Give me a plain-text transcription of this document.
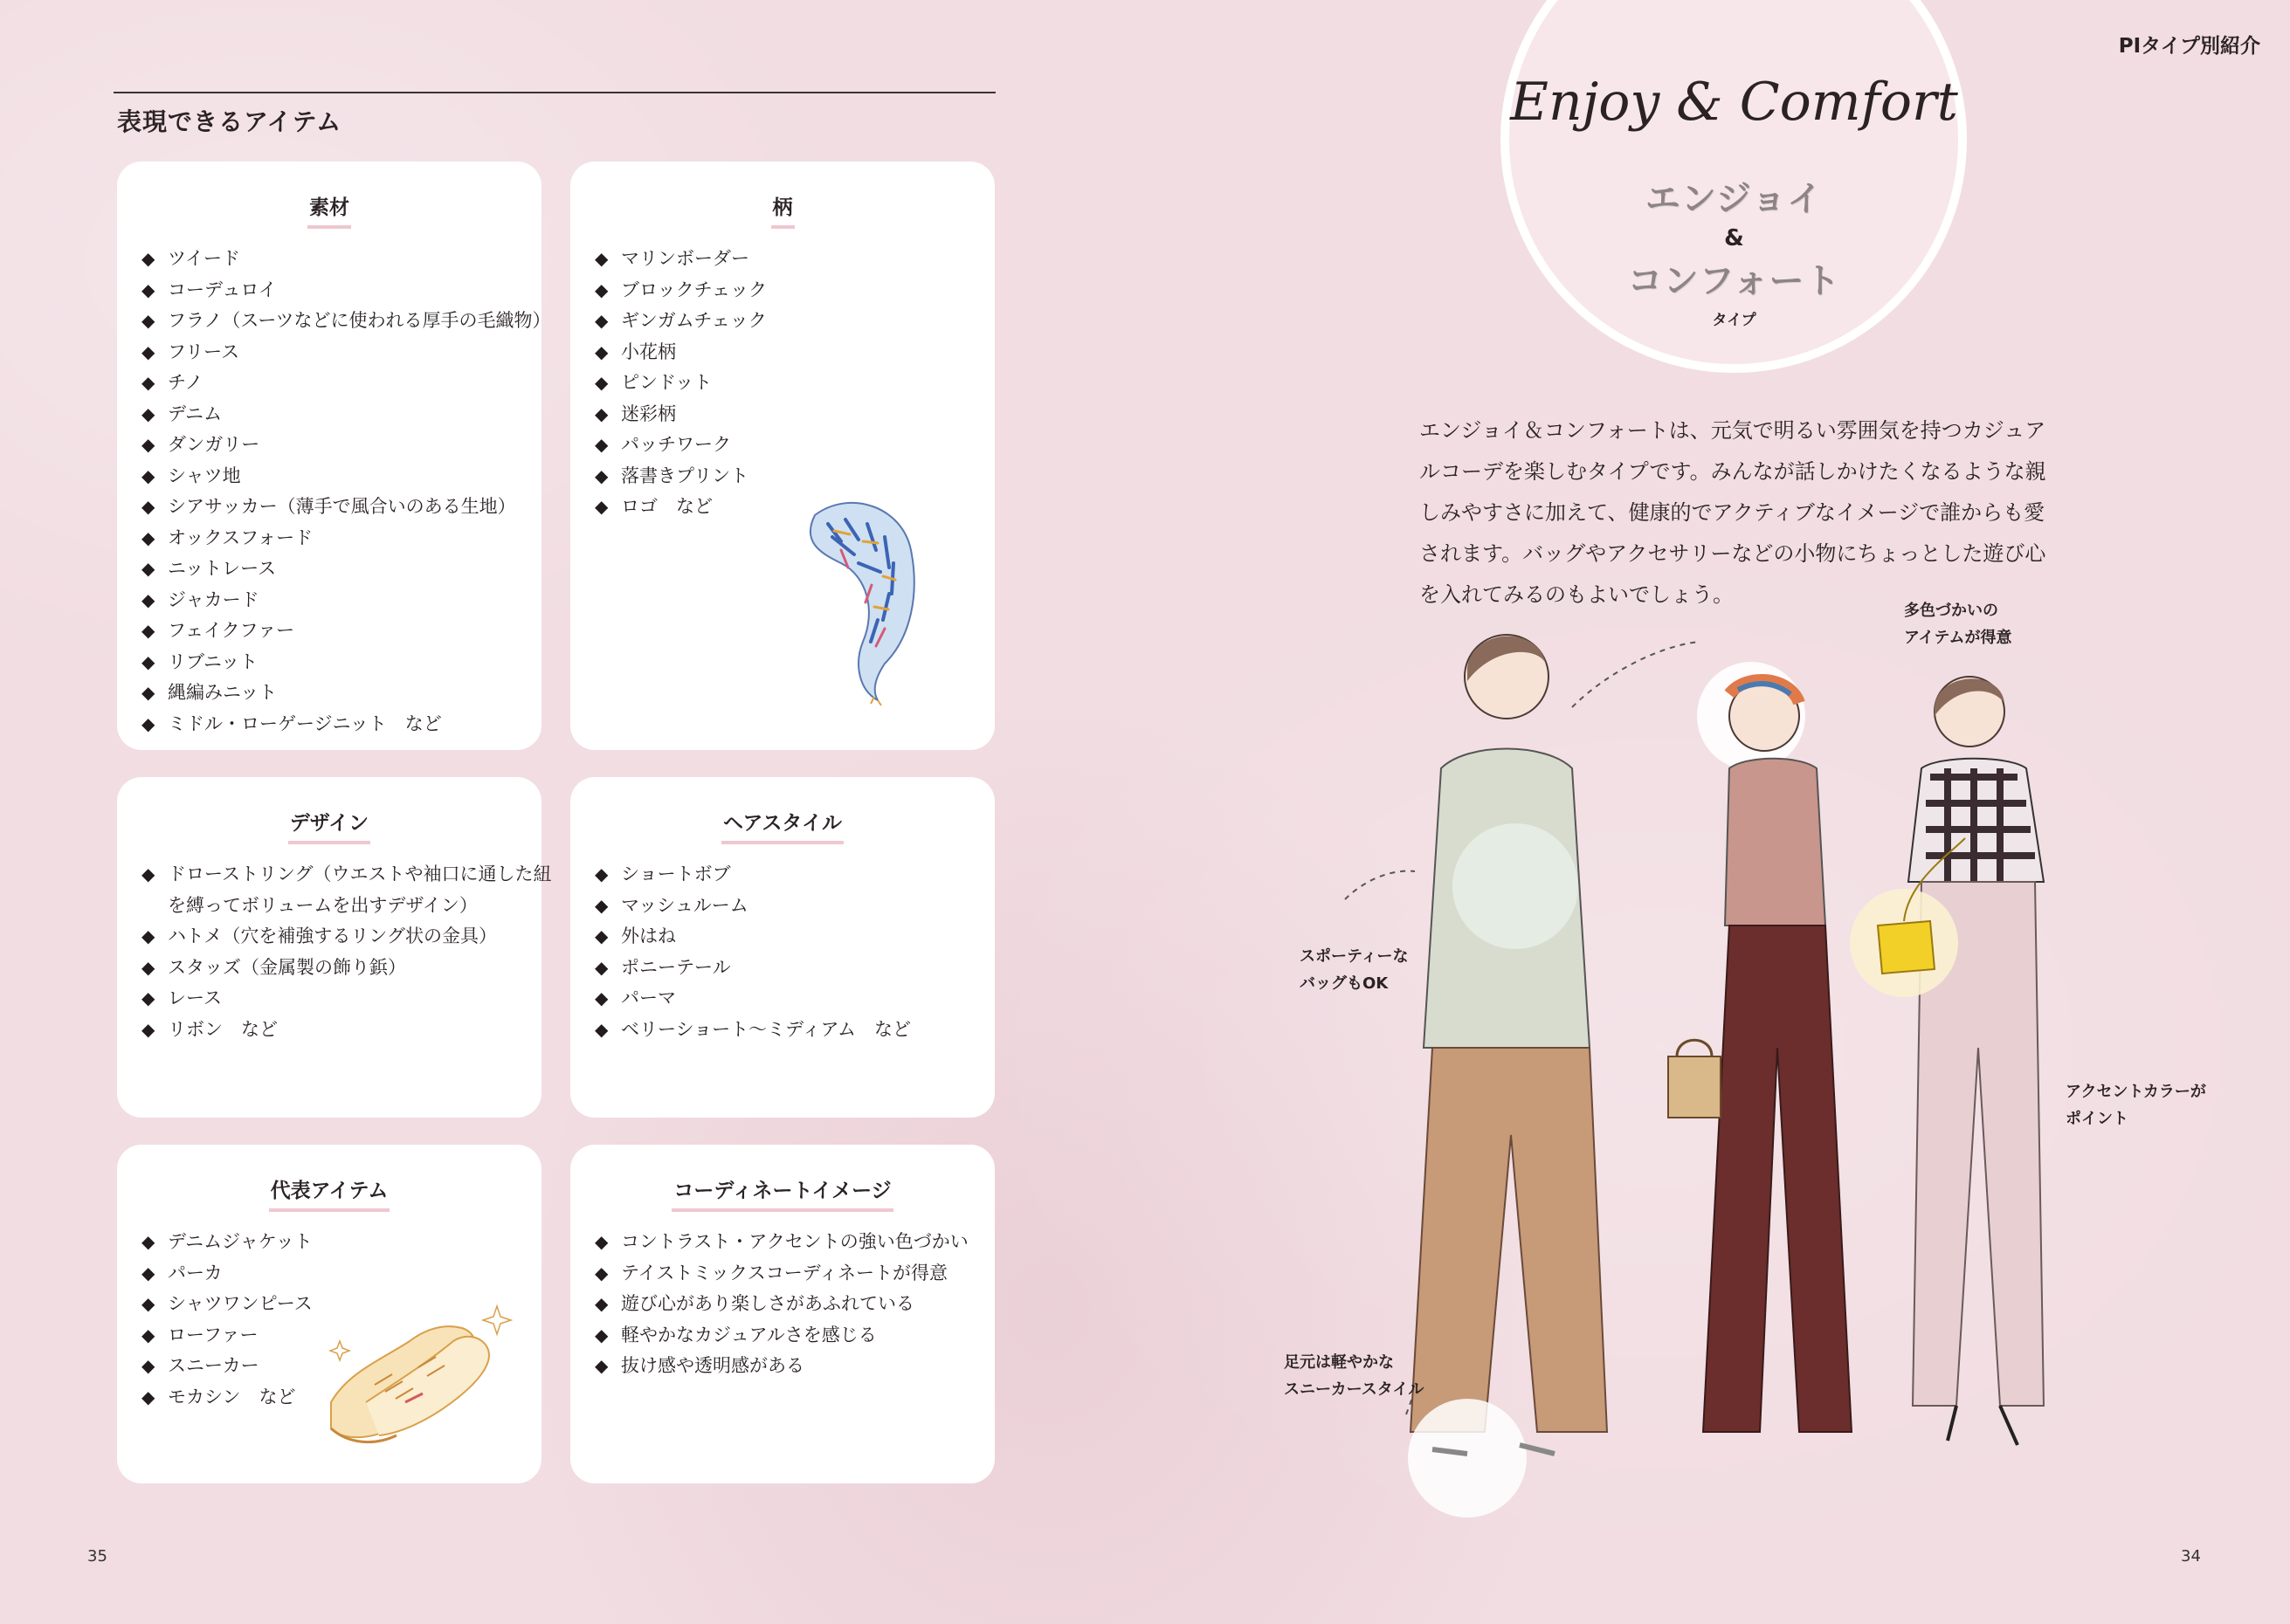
表現できるアイテム
素材
◆ ツイード
◆ コーデュロイ
◆ フラノ（スーツなどに使われる厚手の毛織物）
◆ フリース
◆ チノ
◆ デニム
◆ ダンガリー
◆ シャツ地
◆ シアサッカー（薄手で風合いのある生地）
◆ オックスフォード
◆ ニットレース
◆ ジャカード
◆ フェイクファー
◆ リブニット
◆ 縄編みニット
◆ ミドル・ローゲージニット　など
柄
◆ マリンボーダー
◆ ブロックチェック
◆ ギンガムチェック
◆ 小花柄
◆ ピンドット
◆ 迷彩柄
◆ パッチワーク
◆ 落書きプリント
◆ ロゴ　など
デザイン
◆ ドローストリング（ウエストや袖口に通した紐
を縛ってボリュームを出すデザイン）
◆ ハトメ（穴を補強するリング状の金具）
◆ スタッズ（金属製の飾り鋲）
◆ レース
◆ リボン　など
ヘアスタイル
◆ ショートボブ
◆ マッシュルーム
◆ 外はね
◆ ポニーテール
◆ パーマ
◆ ベリーショート〜ミディアム　など
代表アイテム
◆ デニムジャケット
◆ パーカ
◆ シャツワンピース
◆ ローファー
◆ スニーカー
◆ モカシン　など
コーディネートイメージ
◆ コントラスト・アクセントの強い色づかい
◆ テイストミックスコーディネートが得意
◆ 遊び心があり楽しさがあふれている
◆ 軽やかなカジュアルさを感じる
◆ 抜け感や透明感がある
35
PIタイプ別紹介
Enjoy & Comfort
エンジョイ
&
コンフォート
タイプ

エンジョイ＆コンフォートは、元気で明るい雰囲気を持つカジュア

ルコーデを楽しむタイプです。みんなが話しかけたくなるような親

しみやすさに加えて、健康的でアクティブなイメージで誰からも愛

されます。バッグやアクセサリーなどの小物にちょっとした遊び心

を入れてみるのもよいでしょう。

多色づかいの
アイテムが得意
スポーティーな
バッグもOK
アクセントカラーが
ポイント
足元は軽やかな
スニーカースタイル
34
